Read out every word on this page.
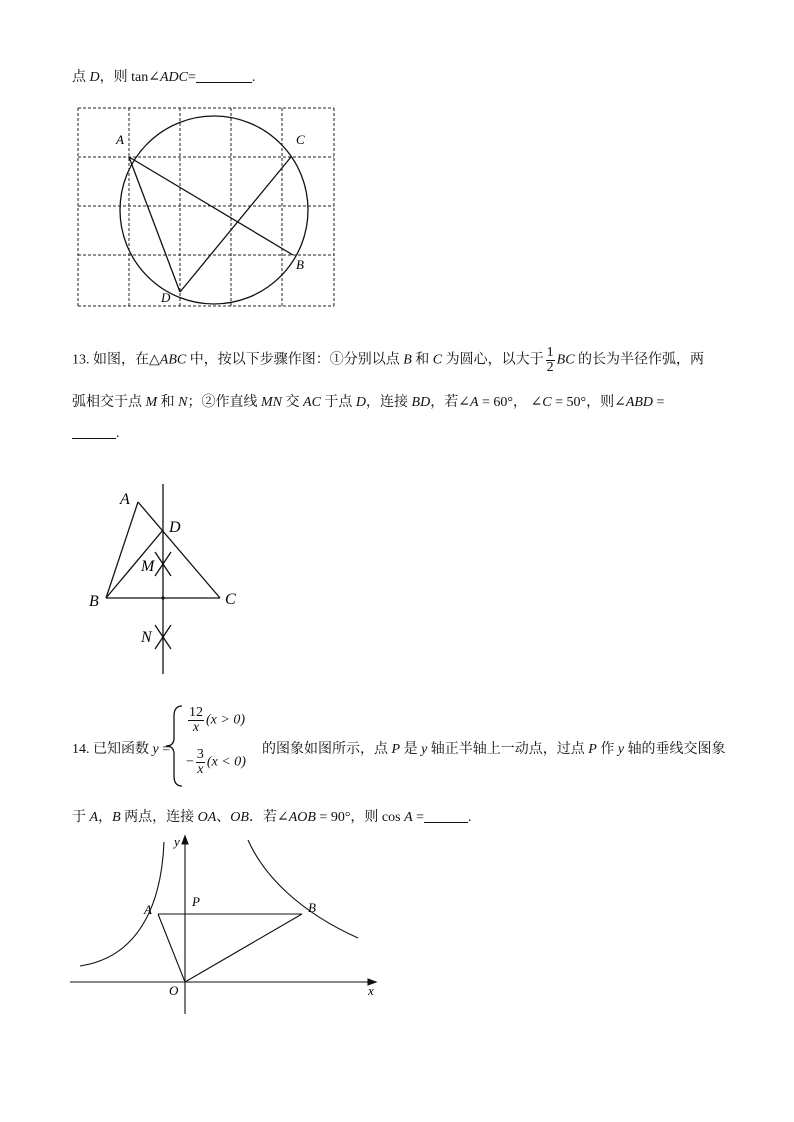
点 D，则 tan∠ADC=	.
A	C
B
D
13. 如图，在△ABC 中，按以下步骤作图：①分别以点 B 和 C 为圆心，以大于 $\frac{1}{2}$ BC 的长为半径作弧，两
弧相交于点 M 和 N；②作直线 MN 交 AC 于点 D，连接 BD，若∠A = 60°， ∠C = 50°，则∠ABD =
.
A
B	C
D
M
N
14. 已知函数 y =
$\frac{12}{x} (x > 0)$
− $\frac{3}{x} (x < 0)$
的图象如图所示，点 P 是 y 轴正半轴上一动点，过点 P 作 y 轴的垂线交图象
于 A，B 两点，连接 OA、OB．若∠AOB = 90°，则 cos A =	.
y
x
O
A	B
P
